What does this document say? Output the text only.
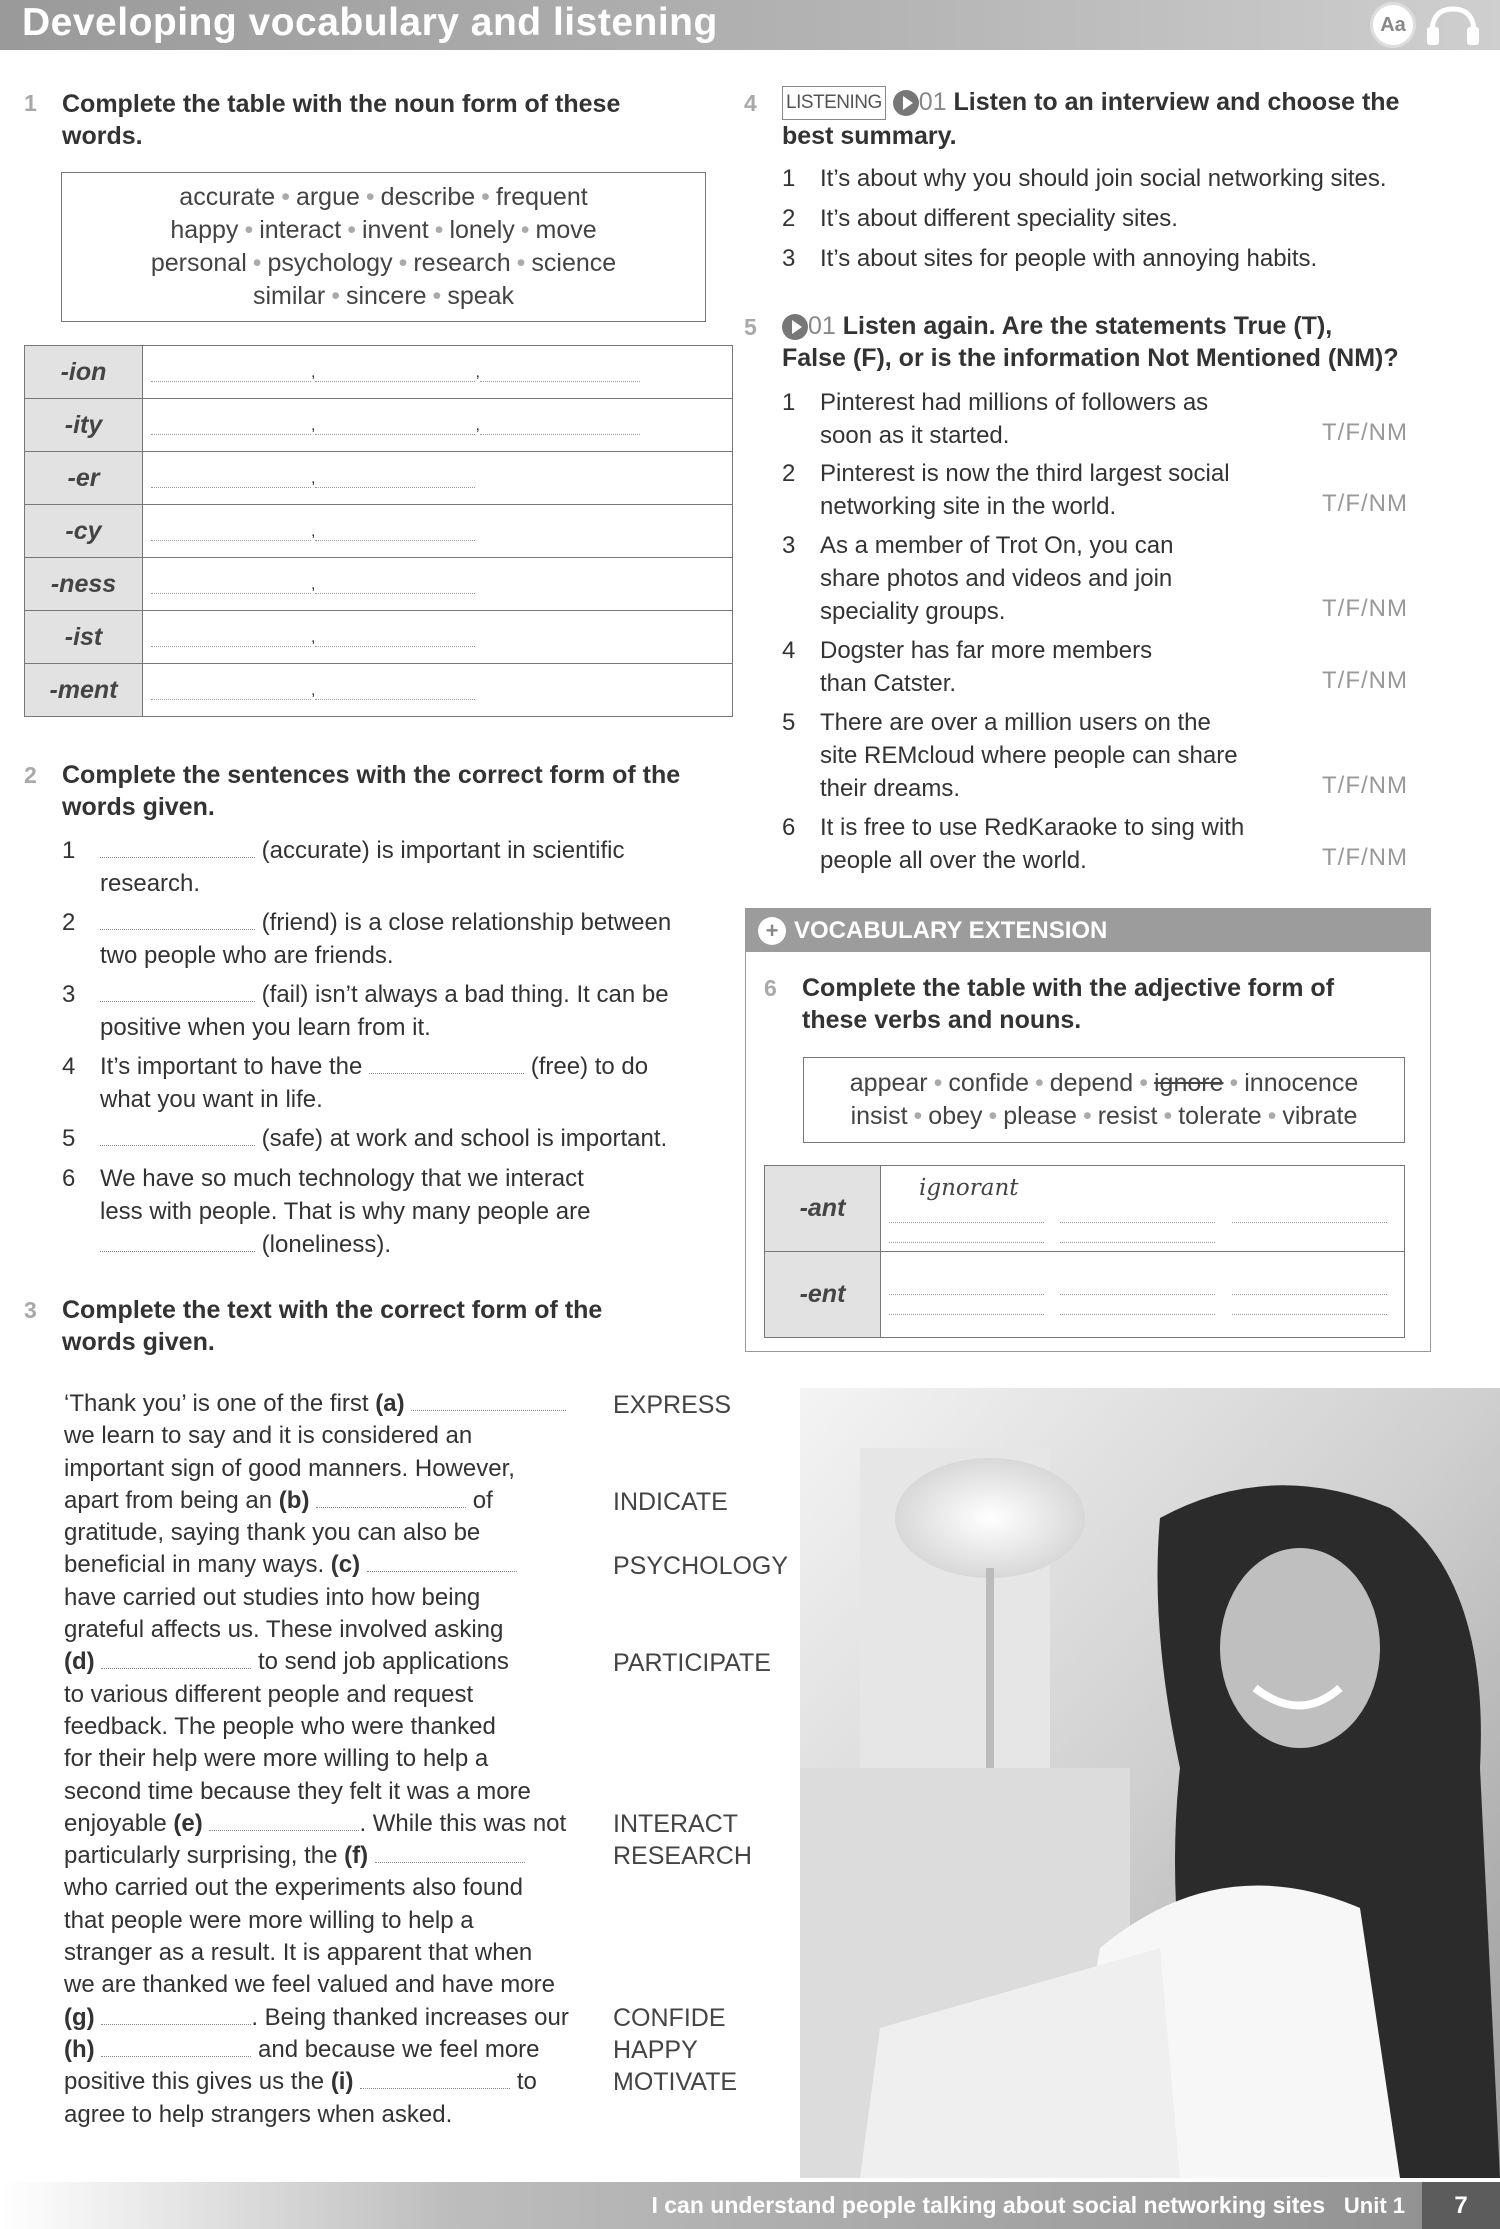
Developing vocabulary and listening	Aa
1 Complete the table with the noun form of these words.
accurate • argue • describe • frequent
happy • interact • invent • lonely • move
personal • psychology • research • science
similar • sincere • speak
-ion	, ,
-ity	, ,
-er	,
-cy	,
-ness	,
-ist	,
-ment	,
2 Complete the sentences with the correct form of the words given.
1	(accurate) is important in scientific
research.
2	(friend) is a close relationship between
two people who are friends.
3	(fail) isn’t always a bad thing. It can be
positive when you learn from it.
4 It’s important to have the	(free) to do
what you want in life.
5	(safe) at work and school is important.
6 We have so much technology that we interact
less with people. That is why many people are
(loneliness).
3 Complete the text with the correct form of the words given.
‘Thank you’ is one of the first (a)
we learn to say and it is considered an
important sign of good manners. However,
apart from being an (b)	of
gratitude, saying thank you can also be
beneficial in many ways. (c)
have carried out studies into how being
grateful affects us. These involved asking
(d)	to send job applications
to various different people and request
feedback. The people who were thanked
for their help were more willing to help a
second time because they felt it was a more
enjoyable (e)	. While this was not
particularly surprising, the (f)
who carried out the experiments also found
that people were more willing to help a
stranger as a result. It is apparent that when
we are thanked we feel valued and have more
(g)	. Being thanked increases our
(h)	and because we feel more
positive this gives us the (i)	to
agree to help strangers when asked.
EXPRESS
INDICATE
PSYCHOLOGY
PARTICIPATE
INTERACT
RESEARCH
CONFIDE
HAPPY
MOTIVATE
4 LISTENING 01 Listen to an interview and choose the
best summary.
1 It’s about why you should join social networking sites.
2 It’s about different speciality sites.
3 It’s about sites for people with annoying habits.
5	01 Listen again. Are the statements True (T),
False (F), or is the information Not Mentioned (NM)?
1 Pinterest had millions of followers as
soon as it started.	T/F/NM
2 Pinterest is now the third largest social
networking site in the world.	T/F/NM
3 As a member of Trot On, you can
share photos and videos and join
speciality groups.	T/F/NM
4 Dogster has far more members
than Catster.	T/F/NM
5 There are over a million users on the
site REMcloud where people can share
their dreams.	T/F/NM
6 It is free to use RedKaraoke to sing with
people all over the world.	T/F/NM
+ VOCABULARY EXTENSION
6 Complete the table with the adjective form of these verbs and nouns.
appear • confide • depend • ignore • innocence
insist • obey • please • resist • tolerate • vibrate
-ant	ignorant

-ent	

I can understand people talking about social networking sites Unit 1	7
